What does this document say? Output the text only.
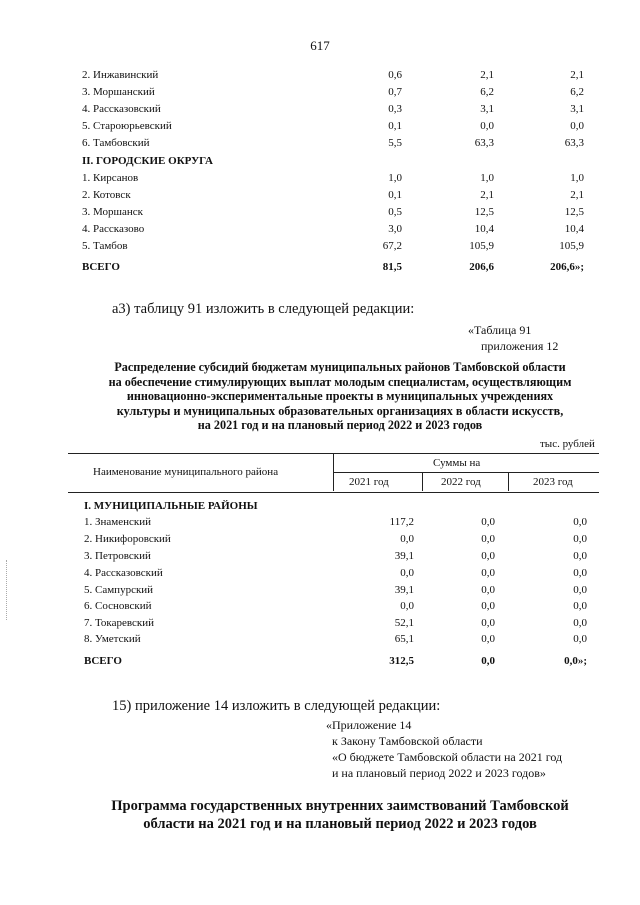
617
2. Инжавинский	0,6	2,1	2,1
3. Моршанский	0,7	6,2	6,2
4. Рассказовский	0,3	3,1	3,1
5. Староюрьевский	0,1	0,0	0,0
6. Тамбовский	5,5	63,3	63,3
II. ГОРОДСКИЕ ОКРУГА
1. Кирсанов	1,0	1,0	1,0
2. Котовск	0,1	2,1	2,1
3. Моршанск	0,5	12,5	12,5
4. Рассказово	3,0	10,4	10,4
5. Тамбов	67,2	105,9	105,9
ВСЕГО	81,5	206,6	206,6»;
а3) таблицу 91 изложить в следующей редакции:
«Таблица 91
приложения 12
Распределение субсидий бюджетам муниципальных районов Тамбовской области
на обеспечение стимулирующих выплат молодым специалистам, осуществляющим
инновационно-экспериментальные проекты в муниципальных учреждениях
культуры и муниципальных образовательных организациях в области искусств,
на 2021 год и на плановый период 2022 и 2023 годов
тыс. рублей
Наименование муниципального района
Суммы на
2021 год	2022 год	2023 год
I. МУНИЦИПАЛЬНЫЕ РАЙОНЫ
1. Знаменский	117,2	0,0	0,0
2. Никифоровский	0,0	0,0	0,0
3. Петровский	39,1	0,0	0,0
4. Рассказовский	0,0	0,0	0,0
5. Сампурский	39,1	0,0	0,0
6. Сосновский	0,0	0,0	0,0
7. Токаревский	52,1	0,0	0,0
8. Уметский	65,1	0,0	0,0
ВСЕГО	312,5	0,0	0,0»;
15) приложение 14 изложить в следующей редакции:
«Приложение 14
к Закону Тамбовской области
«О бюджете Тамбовской области на 2021 год
и на плановый период 2022 и 2023 годов»
Программа государственных внутренних заимствований Тамбовской
области на 2021 год и на плановый период 2022 и 2023 годов
